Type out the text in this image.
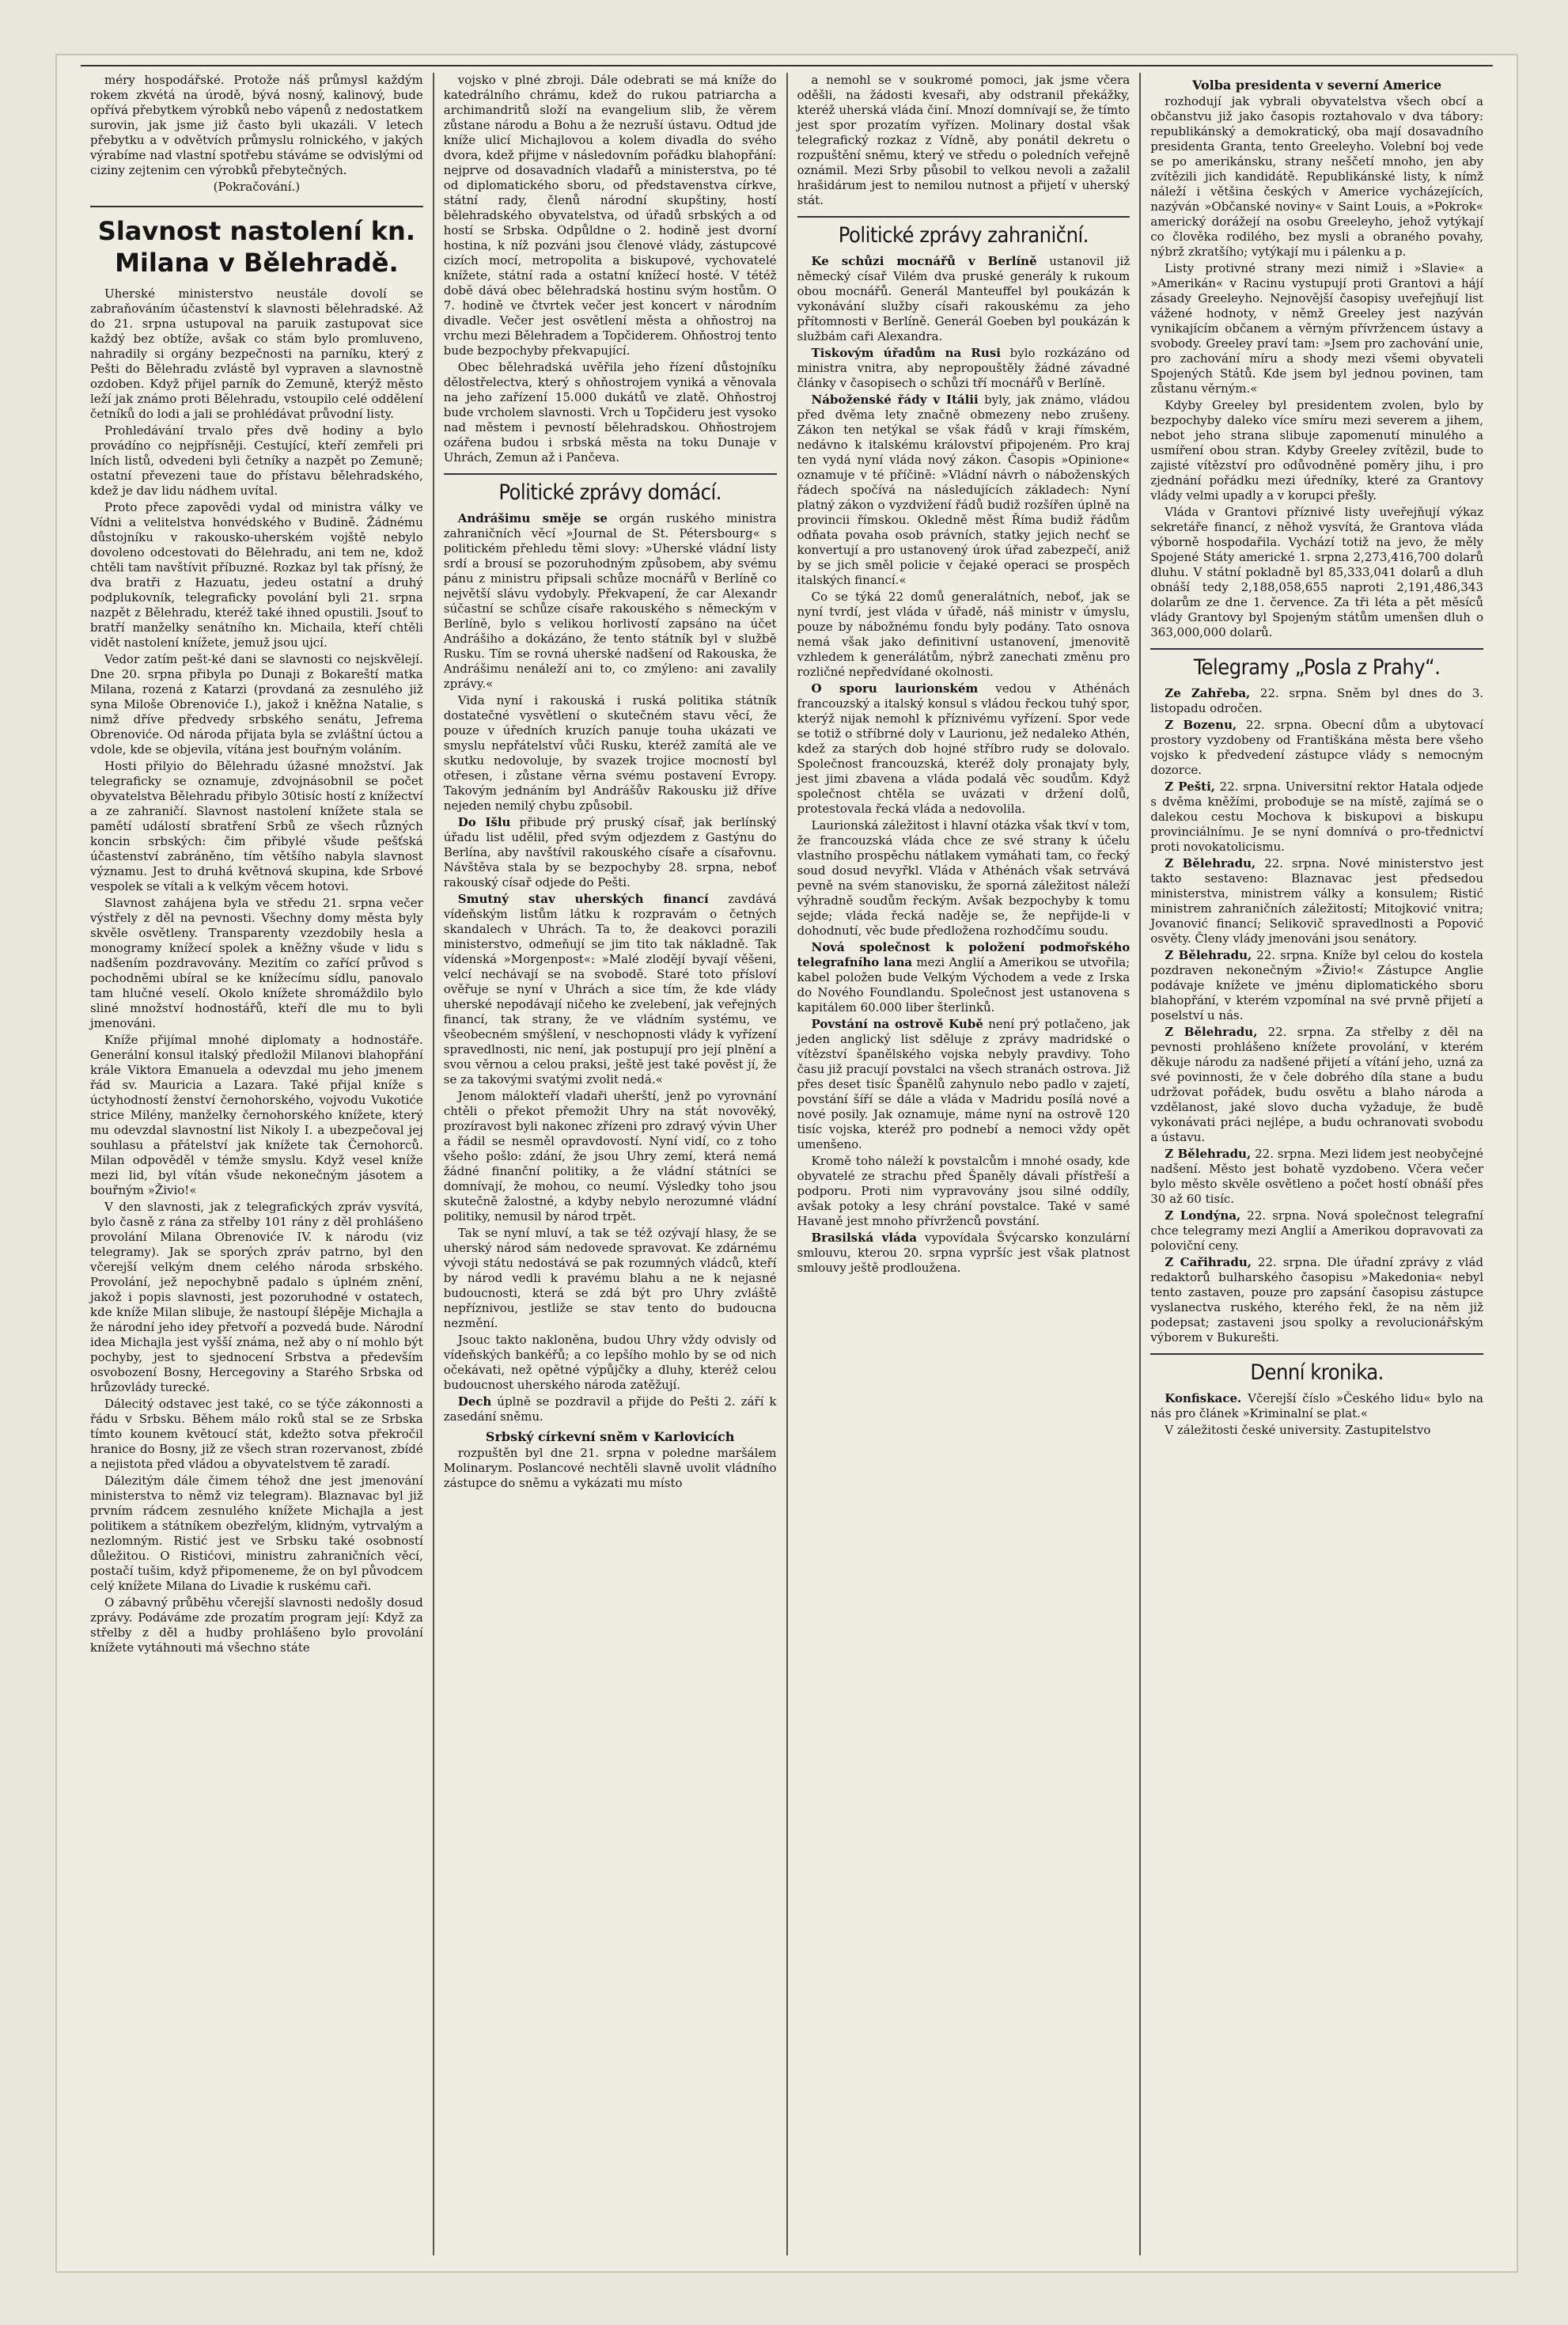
méry hospodářské. Protože náš průmysl každým rokem zkvétá na úrodě, bývá nosný, kalinový, bude opřívá přebytkem výrobků nebo vápenů z nedostatkem surovin, jak jsme již často byli ukazáli. V letech přebytku a v odvětvích průmyslu rolnického, v jakých výrabíme nad vlastní spotřebu stáváme se odvislými od ciziny zejtenim cen výrobků přebytečných.

(Pokračování.)
Slavnost nastolení kn. Milana v Bělehradě.

Uherské ministerstvo neustále dovolí se zabraňováním účastenství k slavnosti bělehradské. Až do 21. srpna ustupoval na paruik zastupovat sice každý bez obtíže, avšak co stám bylo promluveno, nahradily si orgány bezpečnosti na parníku, který z Pešti do Bělehradu zvlástě byl vypraven a slavnostně ozdoben. Když přijel parník do Zemuně, kterýž město leží jak známo proti Bělehradu, vstoupilo celé oddělení četníků do lodi a jali se prohlédávat průvodní listy.

Prohledávání trvalo přes dvě hodiny a bylo provádíno co nejpřísněji. Cestující, kteří zemřeli pri lních listů, odvedeni byli četníky a nazpět po Zemuně; ostatní převezeni taue do přístavu bělehradského, kdež je dav lidu nádhem uvítal.

Proto přece zapovědi vydal od ministra války ve Vídni a velitelstva honvédského v Budině. Žádnému důstojníku v rakousko-uherském vojště nebylo dovoleno odcestovati do Bělehradu, ani tem ne, kdož chtěli tam navštívit příbuzné. Rozkaz byl tak přísný, že dva bratři z Hazuatu, jedeu ostatní a druhý podplukovník, telegraficky povolání byli 21. srpna nazpět z Bělehradu, kteréž také ihned opustili. Jsouť to bratří manželky senátního kn. Michaila, kteří chtěli vidět nastolení knížete, jemuž jsou ujcí.

Vedor zatím pešt-ké dani se slavnosti co nejskvělejí. Dne 20. srpna přibyla po Dunaji z Bokareští matka Milana, rozená z Katarzi (provdaná za zesnulého již syna Miloše Obrenoviće I.), jakož i kněžna Natalie, s nimž dříve předvedy srbského senátu, Jefrema Obrenoviće. Od národa přijata byla se zvláštní úctou a vdole, kde se objevila, vítána jest bouřným voláním.

Hosti přilyio do Bělehradu úžasné množství. Jak telegraficky se oznamuje, zdvojnásobnil se počet obyvatelstva Bělehradu přibylo 30tisíc hostí z knížectví a ze zahraničí. Slavnost nastolení knížete stala se pamětí událostí sbratření Srbů ze všech různých koncin srbských: čim přibylé všude pešťská účastenství zabráněno, tím většího nabyla slavnost významu. Jest to druhá květnová skupina, kde Srbové vespolek se vítali a k velkým věcem hotovi.

Slavnost zahájena byla ve středu 21. srpna večer výstřely z děl na pevnosti. Všechny domy města byly skvěle osvětleny. Transparenty vzezdobily hesla a monogramy knížecí spolek a kněžny všude v lidu s nadšením pozdravovány. Mezitím co zařící průvod s pochodněmi ubíral se ke knížecímu sídlu, panovalo tam hlučné veselí. Okolo knížete shromáždilo bylo sliné množství hodnostářů, kteří dle mu to byli jmenováni.

Kníže přijímal mnohé diplomaty a hodnostáře. Generální konsul italský předložil Milanovi blahopřání krále Viktora Emanuela a odevzdal mu jeho jmenem řád sv. Mauricia a Lazara. Také přijal kníže s úctyhodností ženství černohorského, vojvodu Vukotiće strice Milény, manželky černohorského knížete, který mu odevzdal slavnostní list Nikoly I. a ubezpečoval jej souhlasu a přátelství jak knížete tak Černohorců. Milan odpověděl v témže smyslu. Když vesel kníže mezi lid, byl vítán všude nekonečným jásotem a bouřným »Živio!«

V den slavnosti, jak z telegrafických zpráv vysvítá, bylo časně z rána za střelby 101 rány z děl prohlášeno provolání Milana Obrenoviće IV. k národu (viz telegramy). Jak se sporých zpráv patrno, byl den včerejší velkým dnem celého národa srbského. Provolání, jež nepochybně padalo s úplném znění, jakož i popis slavnosti, jest pozoruhodné v ostatech, kde kníže Milan slibuje, že nastoupí šlépěje Michajla a že národní jeho idey přetvoří a pozvedá bude. Národní idea Michajla jest vyšší známa, než aby o ní mohlo být pochyby, jest to sjednocení Srbstva a především osvobození Bosny, Hercegoviny a Starého Srbska od hrůzovlády turecké.

Dálecitý odstavec jest také, co se týče zákonnosti a řádu v Srbsku. Během málo roků stal se ze Srbska tímto kounem květoucí stát, kdežto sotva překročil hranice do Bosny, již ze všech stran rozervanost, zbídé a nejistota před vládou a obyvatelstvem tě zaradí.

Dálezitým dále čimem téhož dne jest jmenování ministerstva to němž viz telegram). Blaznavac byl již prvním rádcem zesnulého knížete Michajla a jest politikem a státníkem obezřelým, klidným, vytrvalým a nezlomným. Ristić jest ve Srbsku také osobností důležitou. O Ristićovi, ministru zahraničních věcí, postačí tušim, když připomeneme, že on byl původcem celý knížete Milana do Livadie k ruskému caři.

O zábavný průběhu včerejší slavnosti nedošly dosud zprávy. Podáváme zde prozatím program její: Když za střelby z děl a hudby prohlášeno bylo provolání knížete vytáhnouti má všechno státe

vojsko v plné zbroji. Dále odebrati se má kníže do katedrálního chrámu, kdež do rukou patriarcha a archimandritů složí na evangelium slib, že věrem zůstane národu a Bohu a že nezruší ústavu. Odtud jde kníže ulicí Michajlovou a kolem divadla do svého dvora, kdež přijme v následovním pořádku blahopřání: nejprve od dosavadních vladařů a ministerstva, po té od diplomatického sboru, od představenstva církve, státní rady, členů národní skupštiny, hostí bělehradského obyvatelstva, od úřadů srbských a od hostí se Srbska. Odpůldne o 2. hodině jest dvorní hostina, k níž pozváni jsou členové vlády, zástupcové cizích mocí, metropolita a biskupové, vychovatelé knížete, státní rada a ostatní knížecí hosté. V tétéž době dává obec bělehradská hostinu svým hostům. O 7. hodině ve čtvrtek večer jest koncert v národním divadle. Večer jest osvětlení města a ohňostroj na vrchu mezi Bělehradem a Topčiderem. Ohňostroj tento bude bezpochyby překvapující.

Obec bělehradská uvěřila jeho řízení důstojníku dělostřelectva, který s ohňostrojem vyniká a věnovala na jeho zařízení 15.000 dukátů ve zlatě. Ohňostroj bude vrcholem slavnosti. Vrch u Topčideru jest vysoko nad městem i pevností bělehradskou. Ohňostrojem ozářena budou i srbská města na toku Dunaje v Uhrách, Zemun až i Pančeva.

Politické zprávy domácí.

Andrášimu směje se orgán ruského ministra zahraničních věcí »Journal de St. Pétersbourg« s politickém přehledu těmi slovy: »Uherské vládní listy srdí a brousí se pozoruhodným způsobem, aby svému pánu z ministru připsali schůze mocnářů v Berlíně co největší slávu vydobyly. Překvapení, že car Alexandr súčastní se schůze císaře rakouského s německým v Berlíně, bylo s velikou horlivostí zapsáno na účet Andrášiho a dokázáno, že tento státník byl v službě Rusku. Tím se rovná uherské nadšení od Rakouska, že Andrášimu nenáleží ani to, co zmýleno: ani zavalily zprávy.«

Vida nyní i rakouská i ruská politika státník dostatečné vysvětlení o skutečném stavu věcí, že pouze v úředních kruzích panuje touha ukázati ve smyslu nepřátelství vůči Rusku, kteréž zamítá ale ve skutku nedovoluje, by svazek trojice mocností byl otřesen, i zůstane věrna svému postavení Evropy. Takovým jednáním byl Andrášův Rakousku již dříve nejeden nemilý chybu způsobil.

Do Išlu přibude prý pruský císař, jak berlínský úřadu list udělil, před svým odjezdem z Gastýnu do Berlína, aby navštívil rakouského císaře a císařovnu. Návštěva stala by se bezpochyby 28. srpna, neboť rakouský císař odjede do Pešti.

Smutný stav uherských financí zavdává vídeňským listům látku k rozpravám o četných skandalech v Uhrách. Ta to, že deakovci porazili ministerstvo, odmeňují se jim tito tak nákladně. Tak vídenská »Morgenpost«: »Malé zlodějí byvají věšeni, velcí nechávají se na svobodě. Staré toto přísloví ověřuje se nyní v Uhrách a sice tím, že kde vlády uherské nepodávají ničeho ke zvelebení, jak veřejných financí, tak strany, že ve vládním systému, ve všeobecném smýšlení, v neschopnosti vlády k vyřízení spravedlnosti, nic není, jak postupují pro její plnění a svou věrnou a celou praksi, ještě jest také pověst jí, že se za takovými svatými zvolit nedá.«

Jenom málokteří vladaři uherští, jenž po vyrovnání chtěli o překot přemožit Uhry na stát novověký, prozíravost byli nakonec zřízeni pro zdravý vývin Uher a řádil se nesměl opravdovostí. Nyní vidí, co z toho všeho pošlo: zdání, že jsou Uhry zemí, která nemá žádné finanční politiky, a že vládní státníci se domnívají, že mohou, co neumí. Výsledky toho jsou skutečně žalostné, a kdyby nebylo nerozumné vládní politiky, nemusil by národ trpět.

Tak se nyní mluví, a tak se též ozývají hlasy, že se uherský národ sám nedovede spravovat. Ke zdárnému vývoji státu nedostává se pak rozumných vládců, kteří by národ vedli k pravému blahu a ne k nejasné budoucnosti, která se zdá být pro Uhry zvláště nepříznivou, jestliže se stav tento do budoucna nezmění.

Jsouc takto nakloněna, budou Uhry vždy odvisly od vídeňských bankéřů; a co lepšího mohlo by se od nich očekávati, než opětné výpůjčky a dluhy, kteréž celou budoucnost uherského národa zatěžují.

Dech úplně se pozdravil a přijde do Pešti 2. září k zasedání sněmu.

Srbský církevní sněm v Karlovicích

rozpuštěn byl dne 21. srpna v poledne maršálem Molinarym. Poslancové nechtěli slavně uvolit vládního zástupce do sněmu a vykázati mu místo

a nemohl se v soukromé pomoci, jak jsme včera oděšli, na žádosti kvesaři, aby odstranil překážky, kteréž uherská vláda činí. Mnozí domnívají se, že tímto jest spor prozatím vyřízen. Molinary dostal však telegrafický rozkaz z Vídně, aby ponátil dekretu o rozpuštění sněmu, který ve středu o poledních veřejně oznámil. Mezi Srby působil to velkou nevoli a zažalil hrašidárum jest to nemilou nutnost a přijetí v uherský stát.

Politické zprávy zahraniční.

Ke schůzi mocnářů v Berlíně ustanovil již německý císař Vilém dva pruské generály k rukoum obou mocnářů. Generál Manteuffel byl poukázán k vykonávání služby císaři rakouskému za jeho přítomnosti v Berlíně. Generál Goeben byl poukázán k službám caři Alexandra.

Tiskovým úřadům na Rusi bylo rozkázáno od ministra vnitra, aby nepropouštěly žádné závadné články v časopisech o schůzi tří mocnářů v Berlíně.

Náboženské řády v Itálii byly, jak známo, vládou před dvěma lety značně obmezeny nebo zrušeny. Zákon ten netýkal se však řádů v kraji římském, nedávno k italskému království připojeném. Pro kraj ten vydá nyní vláda nový zákon. Časopis »Opinione« oznamuje v té příčině: »Vládní návrh o náboženských řádech spočívá na následujících základech: Nyní platný zákon o vyzdvižení řádů budiž rozšířen úplně na provincii římskou. Okledně měst Říma budiž řádům odňata povaha osob právních, statky jejich nechť se konvertují a pro ustanovený úrok úřad zabezpečí, aniž by se jich směl policie v čejaké operaci se prospěch italských financí.«

Co se týká 22 domů generalátních, neboť, jak se nyní tvrdí, jest vláda v úřadě, náš ministr v úmyslu, pouze by nábožnému fondu byly podány. Tato osnova nemá však jako definitivní ustanovení, jmenovitě vzhledem k generálátům, nýbrž zanechati změnu pro rozličné nepředvídané okolnosti.

O sporu laurionském vedou v Athénách francouzský a italský konsul s vládou řeckou tuhý spor, kterýž nijak nemohl k příznivému vyřízení. Spor vede se totiž o stříbrné doly v Laurionu, jež nedaleko Athén, kdež za starých dob hojné stříbro rudy se dolovalo. Společnost francouzská, kteréž doly pronajaty byly, jest jimi zbavena a vláda podalá věc soudům. Když společnost chtěla se uvázati v držení dolů, protestovala řecká vláda a nedovolila.

Laurionská záležitost i hlavní otázka však tkví v tom, že francouzská vláda chce ze své strany k účelu vlastního prospěchu nátlakem vymáhati tam, co řecký soud dosud nevyřkl. Vláda v Athénách však setrvává pevně na svém stanovisku, že sporná záležitost náleží výhradně soudům řeckým. Avšak bezpochyby k tomu sejde; vláda řecká naděje se, že nepřijde-li v dohodnutí, věc bude předložena rozhodčímu soudu.

Nová společnost k položení podmořského telegrafního lana mezi Anglií a Amerikou se utvořila; kabel položen bude Velkým Východem a vede z Irska do Nového Foundlandu. Společnost jest ustanovena s kapitálem 60.000 liber šterlinků.

Povstání na ostrově Kubě není prý potlačeno, jak jeden anglický list sděluje z zprávy madridské o vítězství španělského vojska nebyly pravdivy. Toho času již pracují povstalci na všech stranách ostrova. Již přes deset tisíc Španělů zahynulo nebo padlo v zajetí, povstání šíří se dále a vláda v Madridu posílá nové a nové posily. Jak oznamuje, máme nyní na ostrově 120 tisíc vojska, kteréž pro podnebí a nemoci vždy opět umenšeno.

Kromě toho náleží k povstalcům i mnohé osady, kde obyvatelé ze strachu před Španěly dávali přístřeší a podporu. Proti nim vypravovány jsou silné oddíly, avšak potoky a lesy chrání povstalce. Také v samé Havaně jest mnoho přívrženců povstání.

Brasilská vláda vypovídala Švýcarsko konzulární smlouvu, kterou 20. srpna vypršíc jest však platnost smlouvy ještě prodloužena.

Volba presidenta v severní Americe

rozhodují jak vybrali obyvatelstva všech obcí a občanstvu již jako časopis roztahovalo v dva tábory: republikánský a demokratický, oba mají dosavadního presidenta Granta, tento Greeleyho. Volební boj vede se po amerikánsku, strany neščetí mnoho, jen aby zvítězili jich kandidátě. Republikánské listy, k nímž náleží i většina českých v Americe vycházejících, nazýván »Občanské noviny« v Saint Louis, a »Pokrok« americký dorážejí na osobu Greeleyho, jehož vytýkají co člověka rodilého, bez mysli a obraného povahy, nýbrž zkratšího; vytýkají mu i pálenku a p.

Listy protivné strany mezi nimiž i »Slavie« a »Amerikán« v Racinu vystupují proti Grantovi a hájí zásady Greeleyho. Nejnovější časopisy uveřejňují list vážené hodnoty, v němž Greeley jest nazýván vynikajícím občanem a věrným přívržencem ústavy a svobody. Greeley praví tam: »Jsem pro zachování unie, pro zachování míru a shody mezi všemi obyvateli Spojených Států. Kde jsem byl jednou povinen, tam zůstanu věrným.«

Kdyby Greeley byl presidentem zvolen, bylo by bezpochyby daleko více smíru mezi severem a jihem, nebot jeho strana slibuje zapomenutí minulého a usmíření obou stran. Kdyby Greeley zvítězil, bude to zajisté vítězství pro odůvodněné poměry jihu, i pro zjednání pořádku mezi úředníky, které za Grantovy vlády velmi upadly a v korupci přešly.

Vláda v Grantovi příznivé listy uveřejňují výkaz sekretáře financí, z něhož vysvítá, že Grantova vláda výborně hospodařila. Vychází totiž na jevo, že měly Spojené Státy americké 1. srpna 2,273,416,700 dolarů dluhu. V státní pokladně byl 85,333,041 dolarů a dluh obnáší tedy 2,188,058,655 naproti 2,191,486,343 dolarům ze dne 1. července. Za tři léta a pět měsíců vlády Grantovy byl Spojeným státům umenšen dluh o 363,000,000 dolarů.

Telegramy „Posla z Prahy“.

Ze Zahřeba, 22. srpna. Sněm byl dnes do 3. listopadu odročen.

Z Bozenu, 22. srpna. Obecní dům a ubytovací prostory vyzdobeny od Františkána města bere všeho vojsko k předvedení zástupce vlády s nemocným dozorce.

Z Pešti, 22. srpna. Universitní rektor Hatala odjede s dvěma kněžími, proboduje se na místě, zajímá se o dalekou cestu Mochova k biskupovi a biskupu provinciálnímu. Je se nyní domnívá o pro-třednictví proti novokatolicismu.

Z Bělehradu, 22. srpna. Nové ministerstvo jest takto sestaveno: Blaznavac jest předsedou ministerstva, ministrem války a konsulem; Ristić ministrem zahraničních záležitostí; Mitojković vnitra; Jovanović financí; Selikovič spravedlnosti a Popović osvěty. Členy vlády jmenováni jsou senátory.

Z Bělehradu, 22. srpna. Kníže byl celou do kostela pozdraven nekonečným »Živio!« Zástupce Anglie podávaje knížete ve jménu diplomatického sboru blahopřání, v kterém vzpomínal na své prvně přijetí a poselství u nás.

Z Bělehradu, 22. srpna. Za střelby z děl na pevnosti prohlášeno knížete provolání, v kterém děkuje národu za nadšené přijetí a vítání jeho, uzná za své povinnosti, že v čele dobrého díla stane a budu udržovat pořádek, budu osvětu a blaho národa a vzdělanost, jaké slovo ducha vyžaduje, že budě vykonávati práci nejlépe, a budu ochranovati svobodu a ústavu.

Z Bělehradu, 22. srpna. Mezi lidem jest neobyčejné nadšení. Město jest bohatě vyzdobeno. Včera večer bylo město skvěle osvětleno a počet hostí obnáší přes 30 až 60 tisíc.

Z Londýna, 22. srpna. Nová společnost telegrafní chce telegramy mezi Anglií a Amerikou dopravovati za poloviční ceny.

Z Cařihradu, 22. srpna. Dle úřadní zprávy z vlád redaktorů bulharského časopisu »Makedonia« nebyl tento zastaven, pouze pro zapsání časopisu zástupce vyslanectva ruského, kterého řekl, že na něm již podepsat; zastaveni jsou spolky a revolucionářským výborem v Bukurešti.

Denní kronika.

Konfiskace. Včerejší číslo »Českého lidu« bylo na nás pro článek »Kriminalní se plat.«

V záležitosti české university. Zastupitelstvo
